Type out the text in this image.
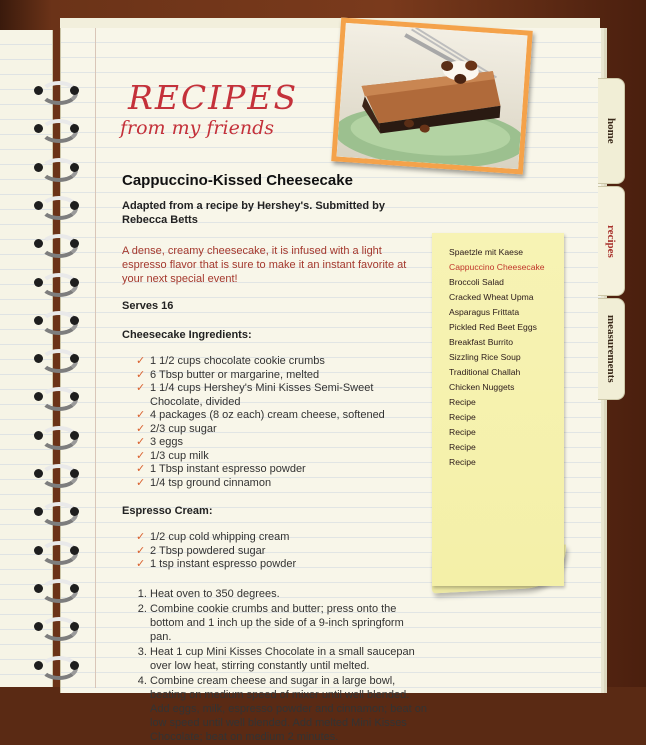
home
recipes
measurements
RECIPES
from my friends
Cappuccino-Kissed Cheesecake

Adapted from a recipe by Hershey's. Submitted by Rebecca Betts

A dense, creamy cheesecake, it is infused with a light espresso flavor that is sure to make it an instant favorite at your next special event!

Serves 16

Cheesecake Ingredients:

✓ 1 1/2 cups chocolate cookie crumbs
✓ 6 Tbsp butter or margarine, melted
✓ 1 1/4 cups Hershey's Mini Kisses Semi-Sweet Chocolate, divided
✓ 4 packages (8 oz each) cream cheese, softened
✓ 2/3 cup sugar
✓ 3 eggs
✓ 1/3 cup milk
✓ 1 Tbsp instant espresso powder
✓ 1/4 tsp ground cinnamon

Espresso Cream:

✓ 1/2 cup cold whipping cream
✓ 2 Tbsp powdered sugar
✓ 1 tsp instant espresso powder
1. Heat oven to 350 degrees.
2. Combine cookie crumbs and butter; press onto the bottom and 1 inch up the side of a 9-inch springform pan.
3. Heat 1 cup Mini Kisses Chocolate in a small saucepan over low heat, stirring constantly until melted.
4. Combine cream cheese and sugar in a large bowl, beating on medium speed of mixer until well blended. Add eggs, milk, espresso powder and cinnamon; beat on low speed until well blended. Add melted Mini Kisses Chocolate; beat on medium 2 minutes.
Spaetzle mit Kaese
Cappuccino Cheesecake
Broccoli Salad
Cracked Wheat Upma
Asparagus Frittata
Pickled Red Beet Eggs
Breakfast Burrito
Sizzling Rice Soup
Traditional Challah
Chicken Nuggets
Recipe
Recipe
Recipe
Recipe
Recipe
